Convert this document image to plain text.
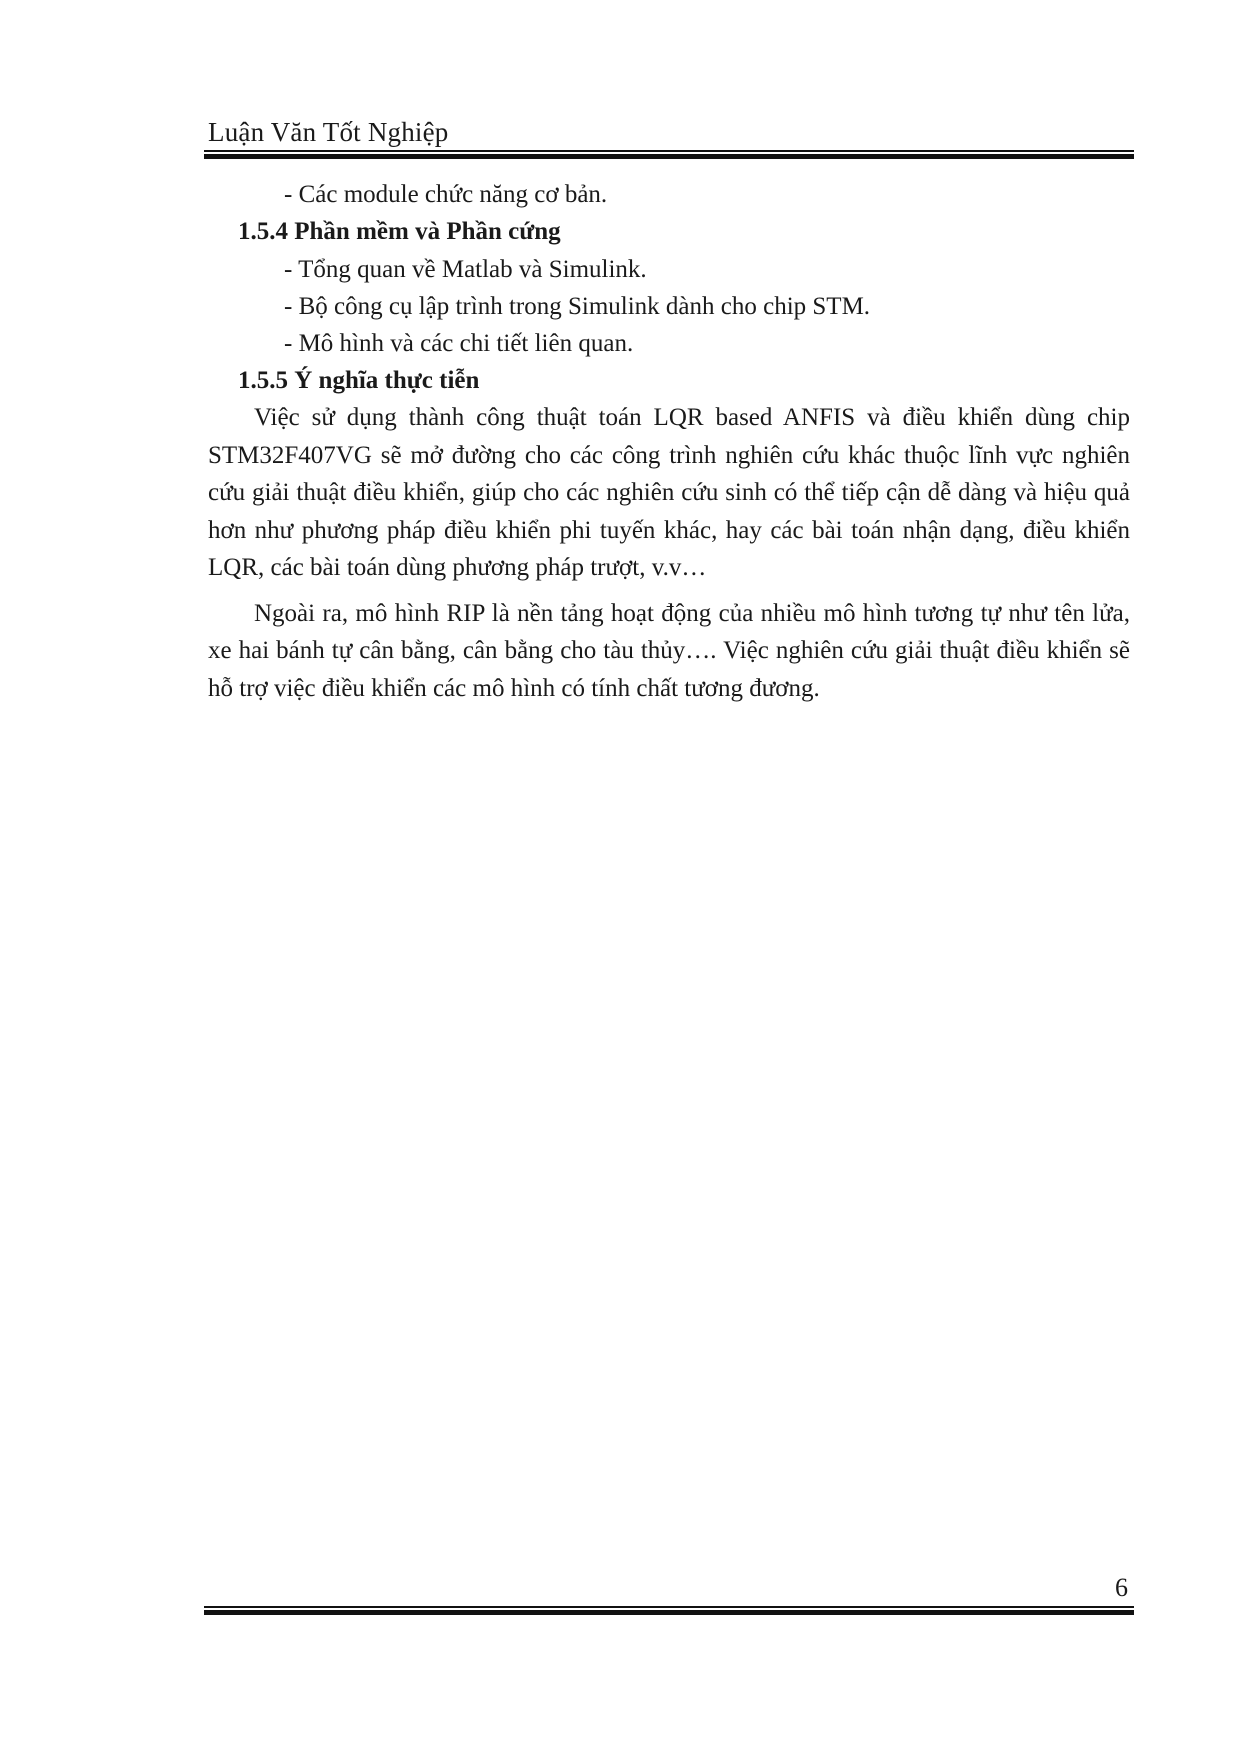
Luận Văn Tốt Nghiệp

- Các module chức năng cơ bản.

1.5.4 Phần mềm và Phần cứng

- Tổng quan về Matlab và Simulink.

- Bộ công cụ lập trình trong Simulink dành cho chip STM.

- Mô hình và các chi tiết liên quan.

1.5.5 Ý nghĩa thực tiễn

Việc sử dụng thành công thuật toán LQR based ANFIS và điều khiển dùng chip STM32F407VG sẽ mở đường cho các công trình nghiên cứu khác thuộc lĩnh vực nghiên cứu giải thuật điều khiển, giúp cho các nghiên cứu sinh có thể tiếp cận dễ dàng và hiệu quả hơn như phương pháp điều khiển phi tuyến khác, hay các bài toán nhận dạng, điều khiển LQR, các bài toán dùng phương pháp trượt, v.v…

Ngoài ra, mô hình RIP là nền tảng hoạt động của nhiều mô hình tương tự như tên lửa, xe hai bánh tự cân bằng, cân bằng cho tàu thủy…. Việc nghiên cứu giải thuật điều khiển sẽ hỗ trợ việc điều khiển các mô hình có tính chất tương đương.

6
